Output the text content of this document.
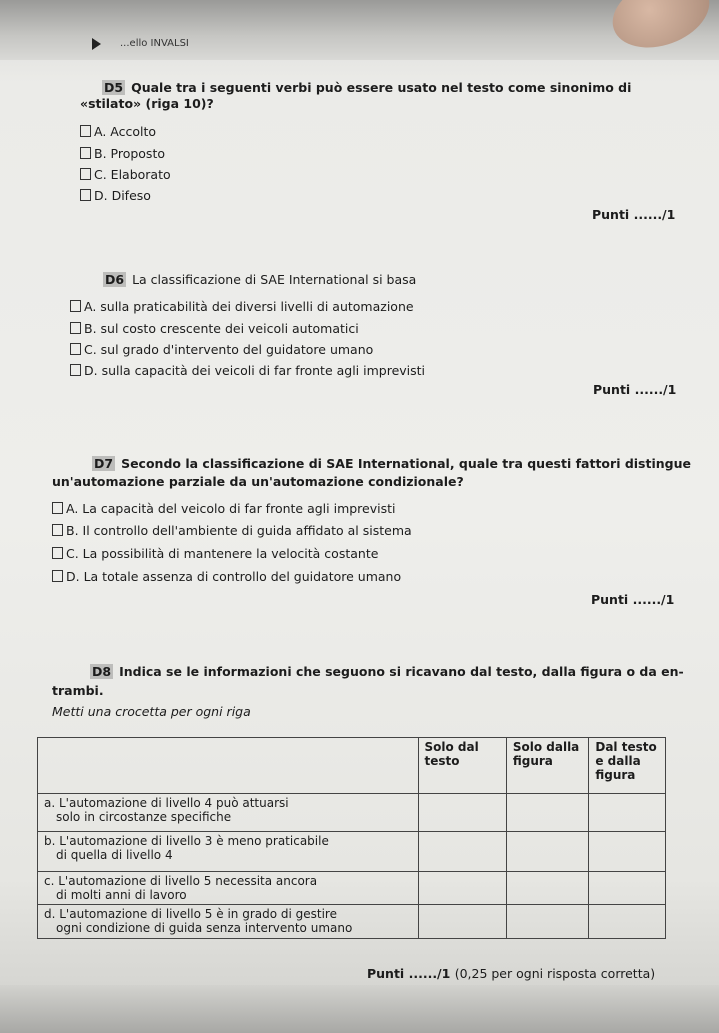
...ello INVALSI
D5 Quale tra i seguenti verbi può essere usato nel testo come sinonimo di «stilato» (riga 10)?
A. Accolto
B. Proposto
C. Elaborato
D. Difeso
Punti ....../1
D6 La classificazione di SAE International si basa
A. sulla praticabilità dei diversi livelli di automazione
B. sul costo crescente dei veicoli automatici
C. sul grado d'intervento del guidatore umano
D. sulla capacità dei veicoli di far fronte agli imprevisti
Punti ....../1
D7 Secondo la classificazione di SAE International, quale tra questi fattori distingue
un'automazione parziale da un'automazione condizionale?
A. La capacità del veicolo di far fronte agli imprevisti
B. Il controllo dell'ambiente di guida affidato al sistema
C. La possibilità di mantenere la velocità costante
D. La totale assenza di controllo del guidatore umano
Punti ....../1
D8 Indica se le informazioni che seguono si ricavano dal testo, dalla figura o da en-
trambi.
Metti una crocetta per ogni riga
	Solo dal testo	Solo dalla figura	Dal testo e dalla figura

a. L'automazione di livello 4 può attuarsi
solo in circostanze specifiche			

b. L'automazione di livello 3 è meno praticabile
di quella di livello 4			

c. L'automazione di livello 5 necessita ancora
di molti anni di lavoro			

d. L'automazione di livello 5 è in grado di gestire
ogni condizione di guida senza intervento umano			

Punti ....../1 (0,25 per ogni risposta corretta)
